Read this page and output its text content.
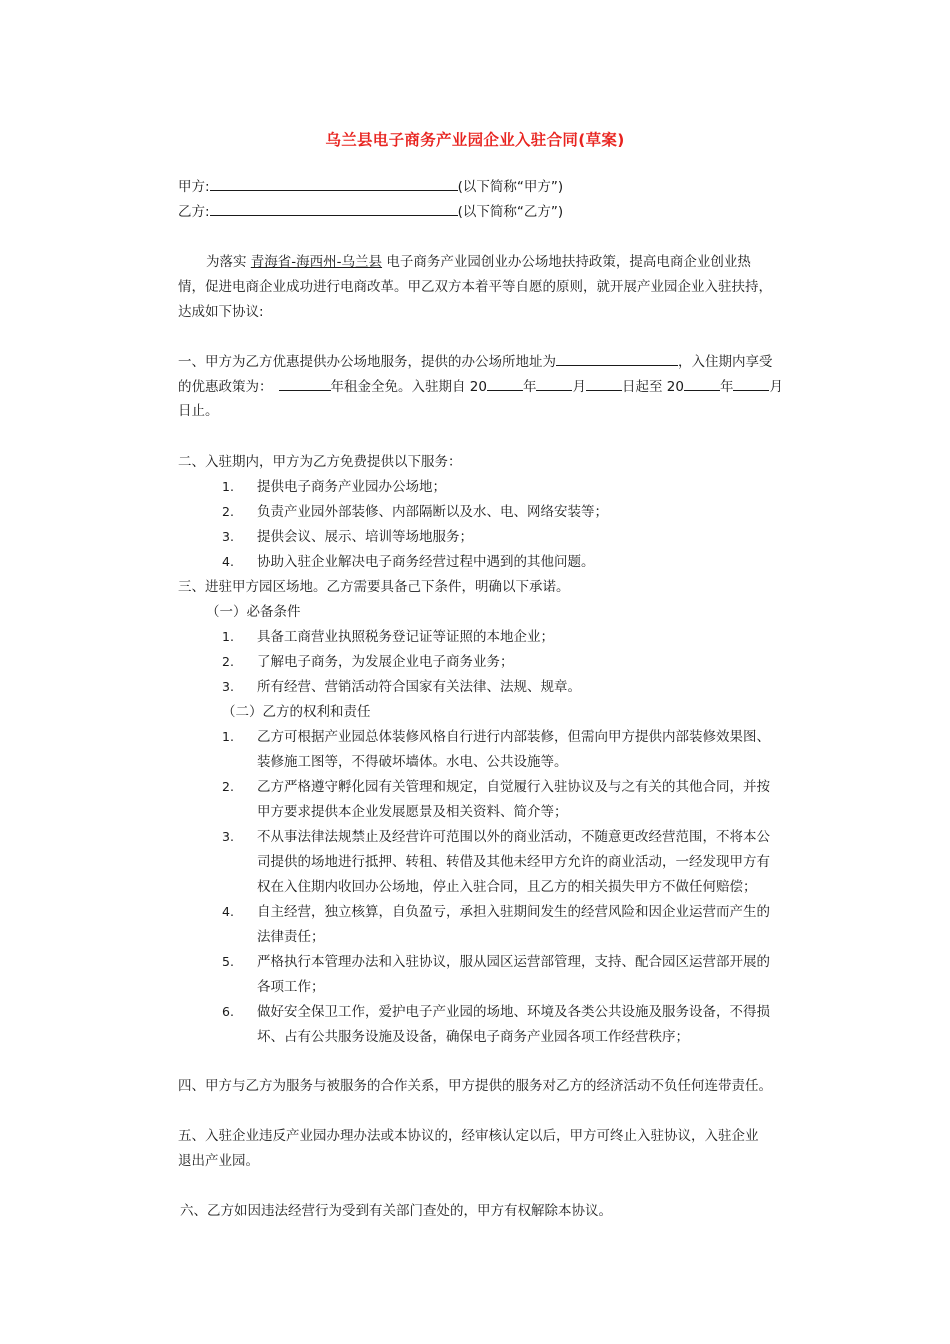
乌兰县电子商务产业园企业入驻合同(草案)
甲方:	(以下简称“甲方”)
乙方:	(以下简称“乙方”)
为落实 青海省-海西州-乌兰县 电子商务产业园创业办公场地扶持政策，提高电商企业创业热
情，促进电商企业成功进行电商改革。甲乙双方本着平等自愿的原则，就开展产业园企业入驻扶持，
达成如下协议:
一、甲方为乙方优惠提供办公场地服务，提供的办公场所地址为	，入住期内享受
的优惠政策为：	年租金全免。入驻期自 20	年	月	日起至 20	年	月
日止。
二、入驻期内，甲方为乙方免费提供以下服务：
1. 提供电子商务产业园办公场地；
2. 负责产业园外部装修、内部隔断以及水、电、网络安装等；
3. 提供会议、展示、培训等场地服务；
4. 协助入驻企业解决电子商务经营过程中遇到的其他问题。
三、进驻甲方园区场地。乙方需要具备己下条件，明确以下承诺。
（一）必备条件
1. 具备工商营业执照税务登记证等证照的本地企业；
2. 了解电子商务，为发展企业电子商务业务；
3. 所有经营、营销活动符合国家有关法律、法规、规章。
（二）乙方的权利和责任
1. 乙方可根据产业园总体装修风格自行进行内部装修，但需向甲方提供内部装修效果图、
装修施工图等，不得破坏墙体。水电、公共设施等。
2. 乙方严格遵守孵化园有关管理和规定，自觉履行入驻协议及与之有关的其他合同，并按
甲方要求提供本企业发展愿景及相关资料、简介等；
3. 不从事法律法规禁止及经营许可范围以外的商业活动，不随意更改经营范围，不将本公
司提供的场地进行抵押、转租、转借及其他未经甲方允许的商业活动，一经发现甲方有
权在入住期内收回办公场地，停止入驻合同，且乙方的相关损失甲方不做任何赔偿；
4. 自主经营，独立核算，自负盈亏，承担入驻期间发生的经营风险和因企业运营而产生的
法律责任；
5. 严格执行本管理办法和入驻协议，服从园区运营部管理，支持、配合园区运营部开展的
各项工作；
6. 做好安全保卫工作，爱护电子产业园的场地、环境及各类公共设施及服务设备，不得损
坏、占有公共服务设施及设备，确保电子商务产业园各项工作经营秩序；
四、甲方与乙方为服务与被服务的合作关系，甲方提供的服务对乙方的经济活动不负任何连带责任。
五、入驻企业违反产业园办理办法或本协议的，经审核认定以后，甲方可终止入驻协议，入驻企业
退出产业园。
六、乙方如因违法经营行为受到有关部门查处的，甲方有权解除本协议。
